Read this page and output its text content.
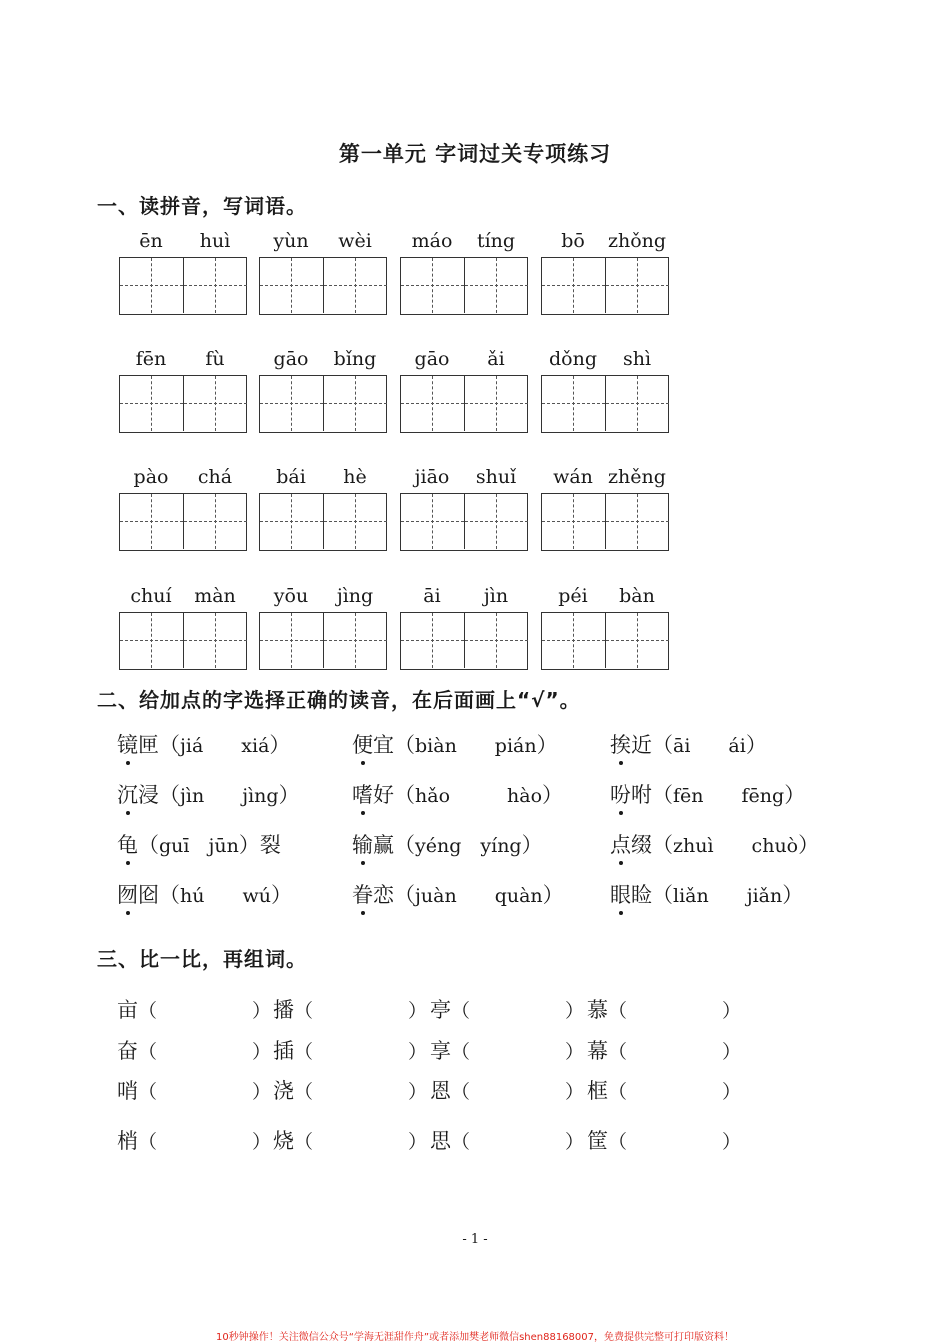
第一单元 字词过关专项练习
一、读拼音，写词语。
ēn	huì	yùn	wèi	máo	tíng	bō	zhǒng
fēn	fù	gāo	bǐng	gāo	ǎi	dǒng	shì
pào	chá	bái	hè	jiāo	shuǐ	wán zhěng
chuí	màn	yōu	jìng	āi	jìn	péi	bàn
二、给加点的字选择正确的读音，在后面画上“√”。
镜匣（jiá　　xiá）	便宜（biàn　　pián） 挨近（āi　　ái）
沉浸（jìn　　jìng） 嗜好（hǎo　　　hào） 吩咐（fēn　　fēng）
龟（guī　jūn）裂	输赢（yéng　yíng）	点缀（zhuì　　chuò）
囫囵（hú　　wú）	眷恋（juàn　　quàn） 眼睑（liǎn　　jiǎn）
三、比一比，再组词。
亩（　　　　　） 播（　　　　　） 亭（　　　　　） 慕（　　　　　）
奋（　　　　　） 插（　　　　　） 享（　　　　　） 幕（　　　　　）
哨（　　　　　） 浇（　　　　　） 恩（　　　　　） 框（　　　　　）
梢（　　　　　） 烧（　　　　　） 思（　　　　　） 筐（　　　　　）
- 1 -
10秒钟操作！关注微信公众号“学海无涯甜作舟”或者添加樊老师微信shen88168007，免费提供完整可打印版资料！
